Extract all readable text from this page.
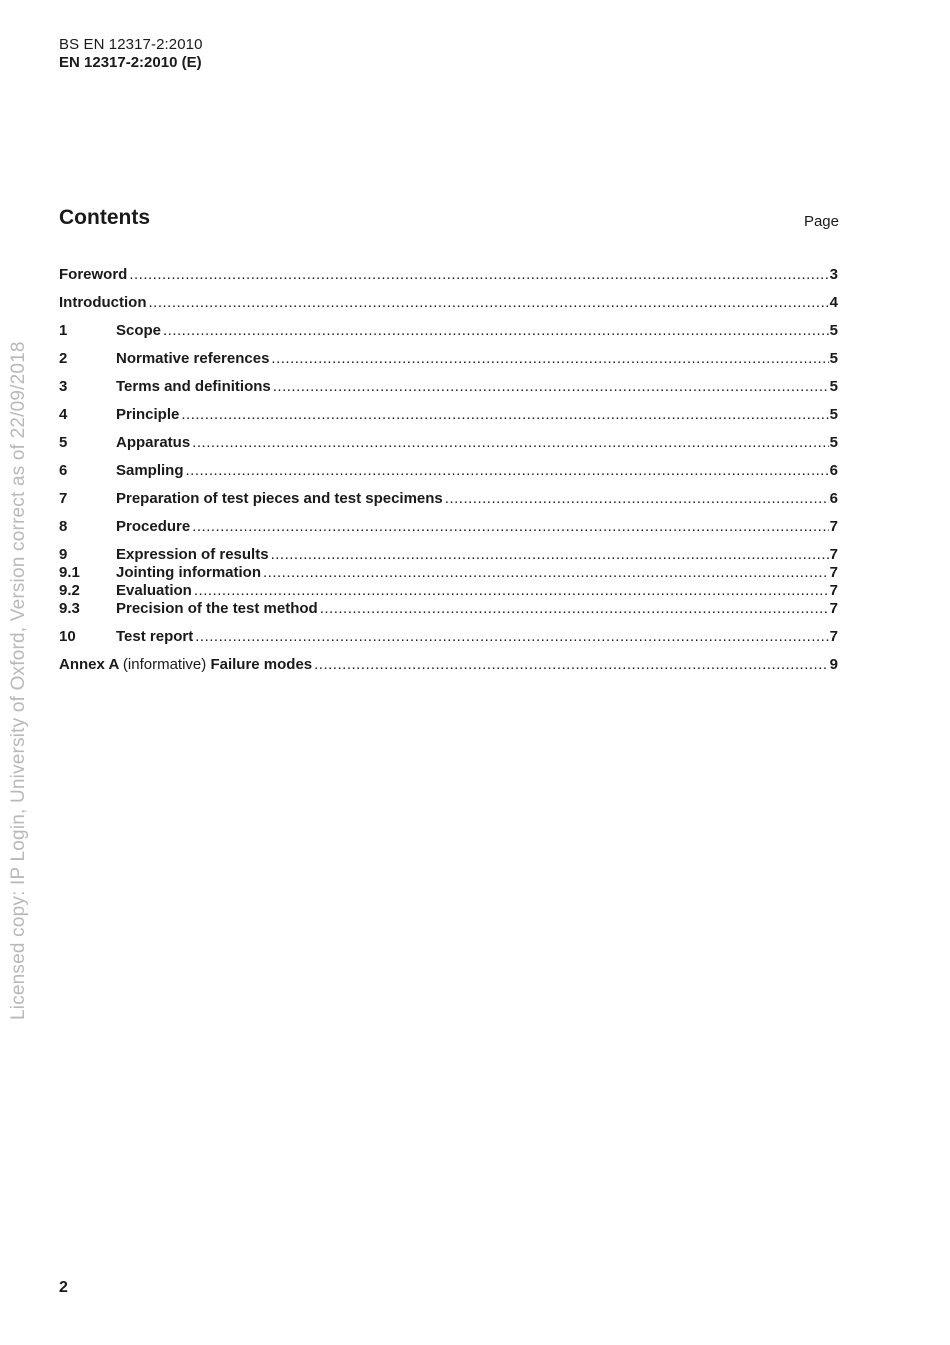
BS EN 12317-2:2010
EN 12317-2:2010 (E)
Contents	Page
Foreword .....	3
Introduction .....	4
1	Scope .....	5
2	Normative references .....	5
3	Terms and definitions .....	5
4	Principle .....	5
5	Apparatus .....	5
6	Sampling .....	6
7	Preparation of test pieces and test specimens .....	6
8	Procedure .....	7
9	Expression of results .....	7
9.1	Jointing information .....	7
9.2	Evaluation .....	7
9.3	Precision of the test method .....	7
10	Test report .....	7
Annex A (informative) Failure modes .....	9
Licensed copy: IP Login, University of Oxford, Version correct as of 22/09/2018
2
